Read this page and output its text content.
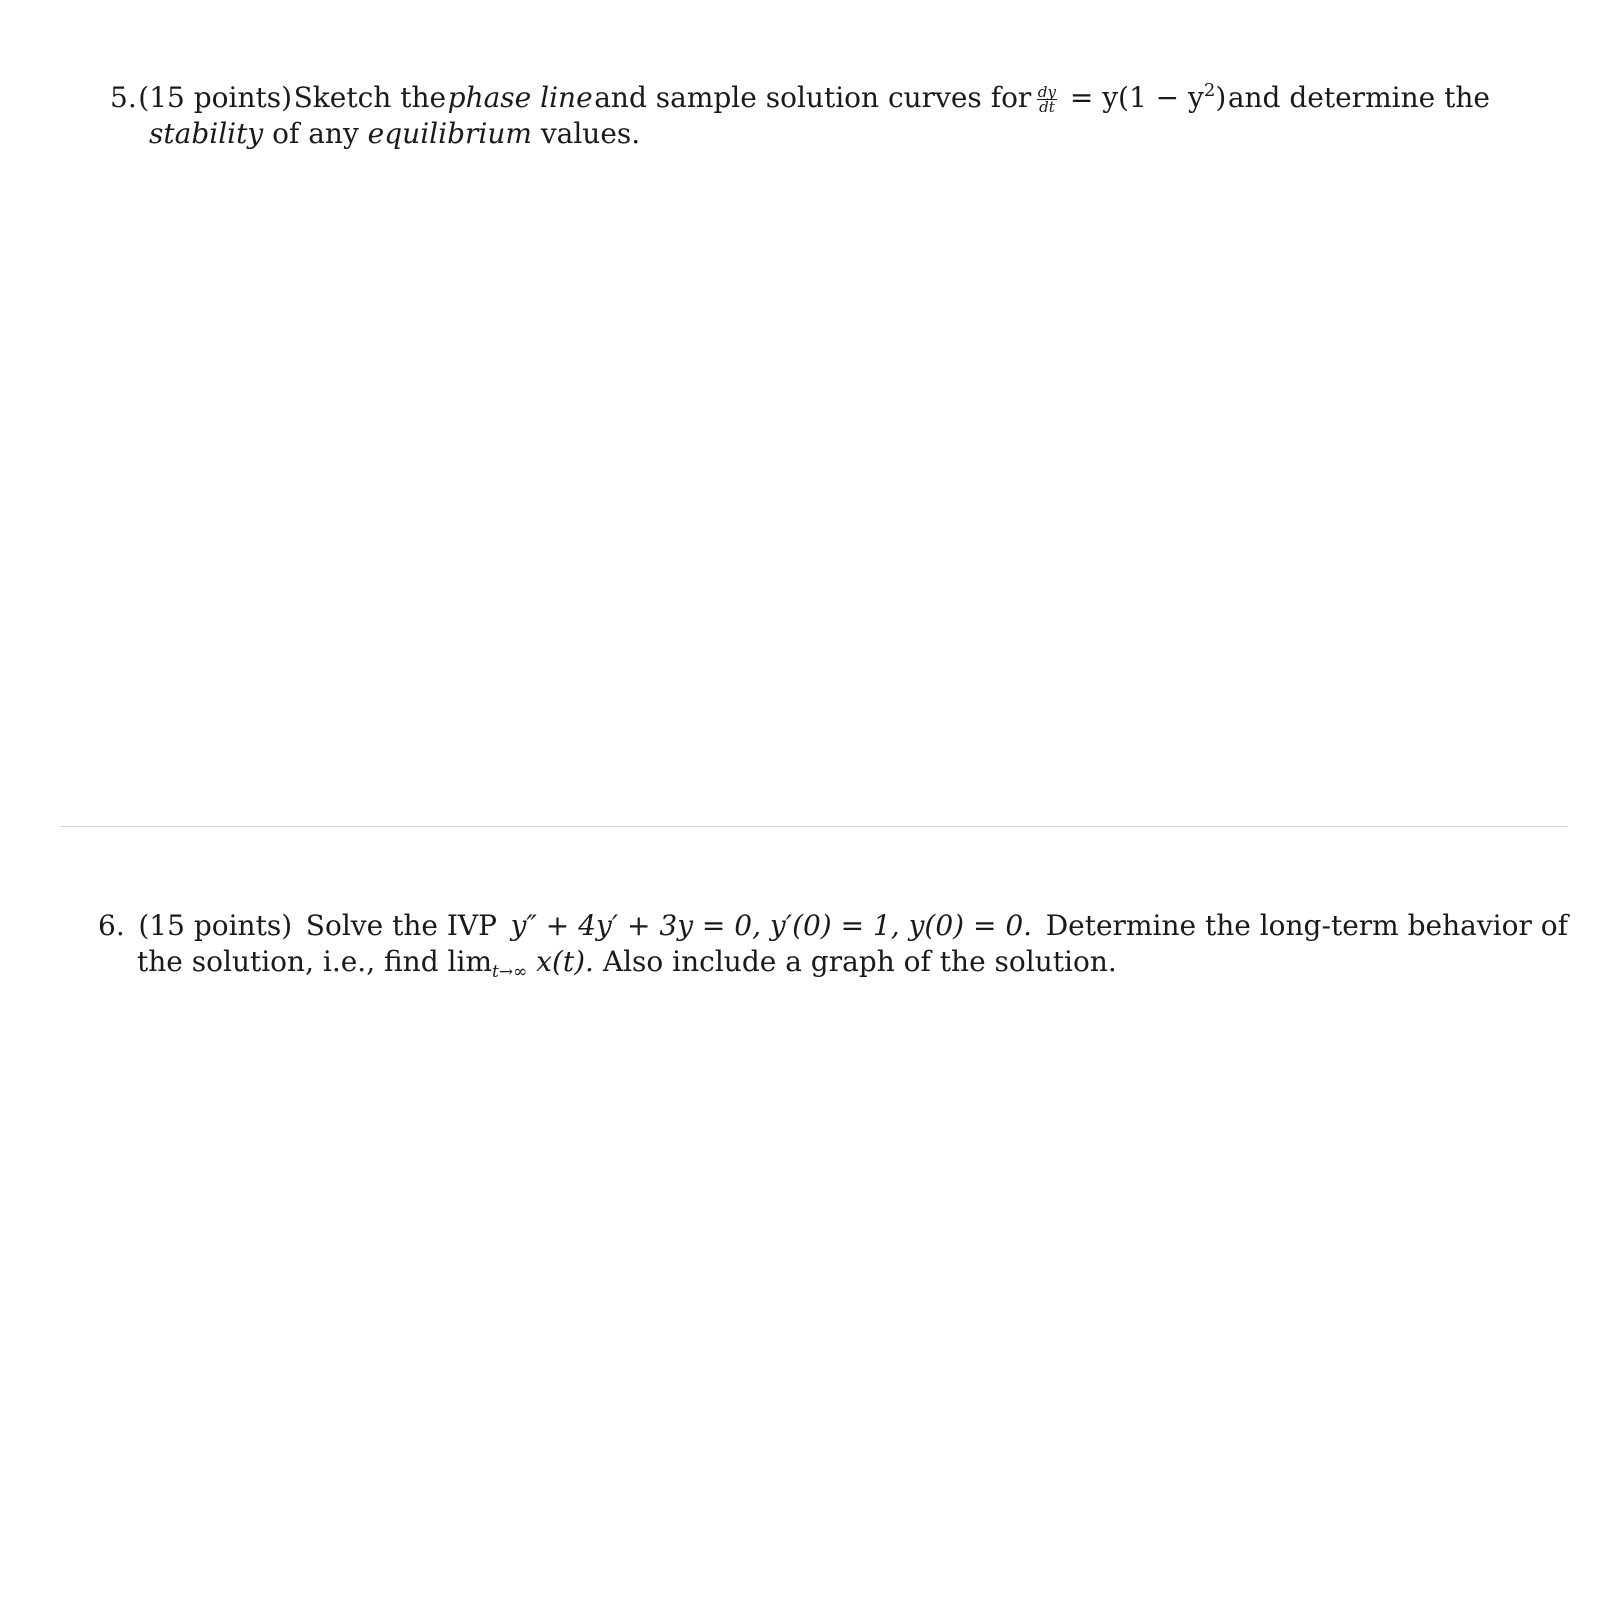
5. (15 points) Sketch the phase line and sample solution curves for $\frac{dy}{dt} = y(1 - y^2)$ and determine the
stability of any equilibrium values.
6. (15 points) Solve the IVP y″ + 4y′ + 3y = 0, y′(0) = 1, y(0) = 0. Determine the long-term behavior of
the solution, i.e., find $\lim_{t\to\infty} x(t)$. Also include a graph of the solution.
